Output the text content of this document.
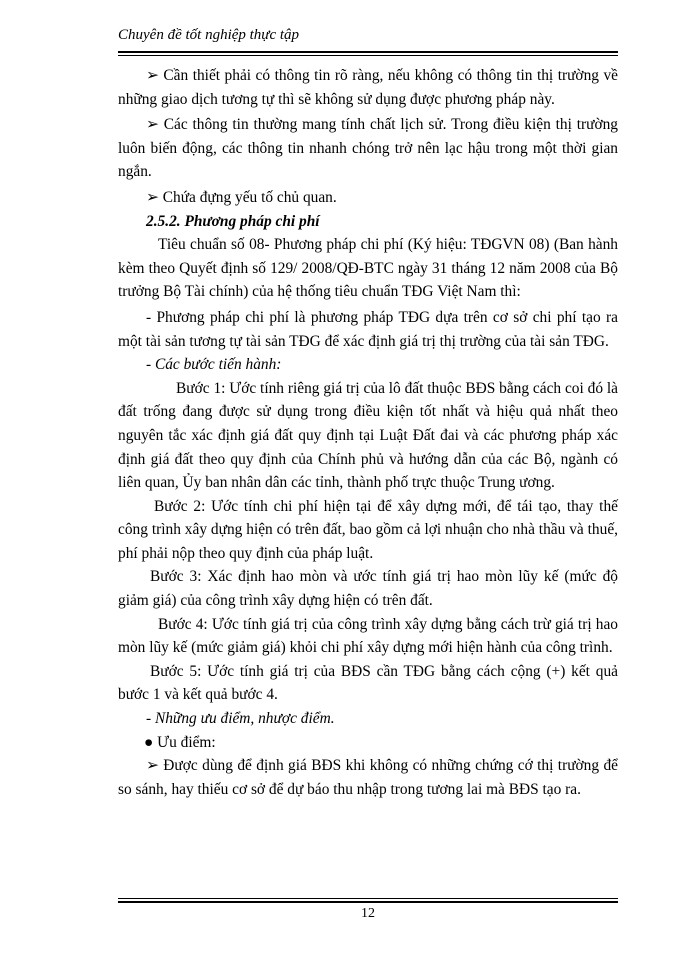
Chuyên đề tốt nghiệp thực tập

➢ Cần thiết phải có thông tin rõ ràng, nếu không có thông tin thị trường về những giao dịch tương tự thì sẽ không sử dụng được phương pháp này.

➢ Các thông tin thường mang tính chất lịch sử. Trong điều kiện thị trường luôn biến động, các thông tin nhanh chóng trở nên lạc hậu trong một thời gian ngắn.

➢ Chứa đựng yếu tố chủ quan.

2.5.2. Phương pháp chi phí

Tiêu chuẩn số 08- Phương pháp chi phí (Ký hiệu: TĐGVN 08) (Ban hành kèm theo Quyết định số 129/ 2008/QĐ-BTC ngày 31 tháng 12 năm 2008 của Bộ trưởng Bộ Tài chính) của hệ thống tiêu chuẩn TĐG Việt Nam thì:

- Phương pháp chi phí là phương pháp TĐG dựa trên cơ sở chi phí tạo ra một tài sản tương tự tài sản TĐG để xác định giá trị thị trường của tài sản TĐG.

- Các bước tiến hành:

Bước 1: Ước tính riêng giá trị của lô đất thuộc BĐS bằng cách coi đó là đất trống đang được sử dụng trong điều kiện tốt nhất và hiệu quả nhất theo nguyên tắc xác định giá đất quy định tại Luật Đất đai và các phương pháp xác định giá đất theo quy định của Chính phủ và hướng dẫn của các Bộ, ngành có liên quan, Ủy ban nhân dân các tỉnh, thành phố trực thuộc Trung ương.

Bước 2: Ước tính chi phí hiện tại để xây dựng mới, để tái tạo, thay thế công trình xây dựng hiện có trên đất, bao gồm cả lợi nhuận cho nhà thầu và thuế, phí phải nộp theo quy định của pháp luật.

Bước 3: Xác định hao mòn và ước tính giá trị hao mòn lũy kế (mức độ giảm giá) của công trình xây dựng hiện có trên đất.

Bước 4: Ước tính giá trị của công trình xây dựng bằng cách trừ giá trị hao mòn lũy kế (mức giảm giá) khỏi chi phí xây dựng mới hiện hành của công trình.

Bước 5: Ước tính giá trị của BĐS cần TĐG bằng cách cộng (+) kết quả bước 1 và kết quả bước 4.

- Những ưu điểm, nhược điểm.

● Ưu điểm:

➢ Được dùng để định giá BĐS khi không có những chứng cớ thị trường để so sánh, hay thiếu cơ sở để dự báo thu nhập trong tương lai mà BĐS tạo ra.

12
